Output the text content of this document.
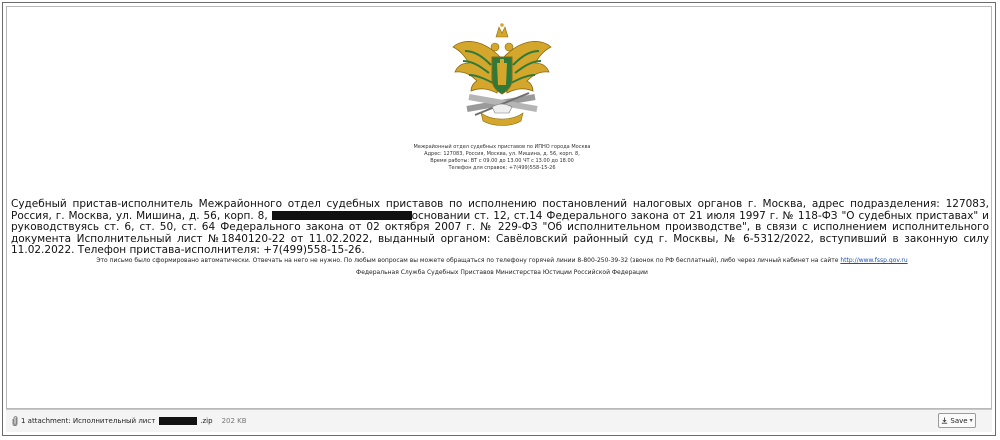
Межрайонный отдел судебных приставов по ИПНО города Москва
Адрес: 127083, Россия, Москва, ул. Мишина, д. 56, корп. 8,
Время работы: ВТ с 09.00 до 13.00 ЧТ с 13.00 до 18.00
Телефон для справок: +7(499)558-15-26
Судебный пристав-исполнитель Межрайонного отдел судебных приставов по исполнению постановлений налоговых органов г. Москва, адрес подразделения: 127083, Россия, г. Москва, ул. Мишина, д. 56, корп. 8,	основании ст. 12, ст.14 Федерального закона от 21 июля 1997 г. № 118-ФЗ "О судебных приставах" и руководствуясь ст. 6, ст. 50, ст. 64 Федерального закона от 02 октября 2007 г. № 229-ФЗ "Об исполнительном производстве", в связи с исполнением исполнительного документа Исполнительный лист №1840120-22 от 11.02.2022, выданный органом: Савёловский районный суд г. Москвы, № 6-5312/2022, вступивший в законную силу 11.02.2022. Телефон пристава-исполнителя: +7(499)558-15-26.
Это письмо было сформировано автоматически. Отвечать на него не нужно. По любым вопросам вы можете обращаться по телефону горячей линии 8-800-250-39-32 (звонок по РФ бесплатный), либо через личный кабинет на сайте http://www.fssp.gov.ru
Федеральная Служба Судебных Приставов Министерства Юстиции Российской Федерации
1 attachment: Исполнительный лист	.zip 202 KB	Save ▾
